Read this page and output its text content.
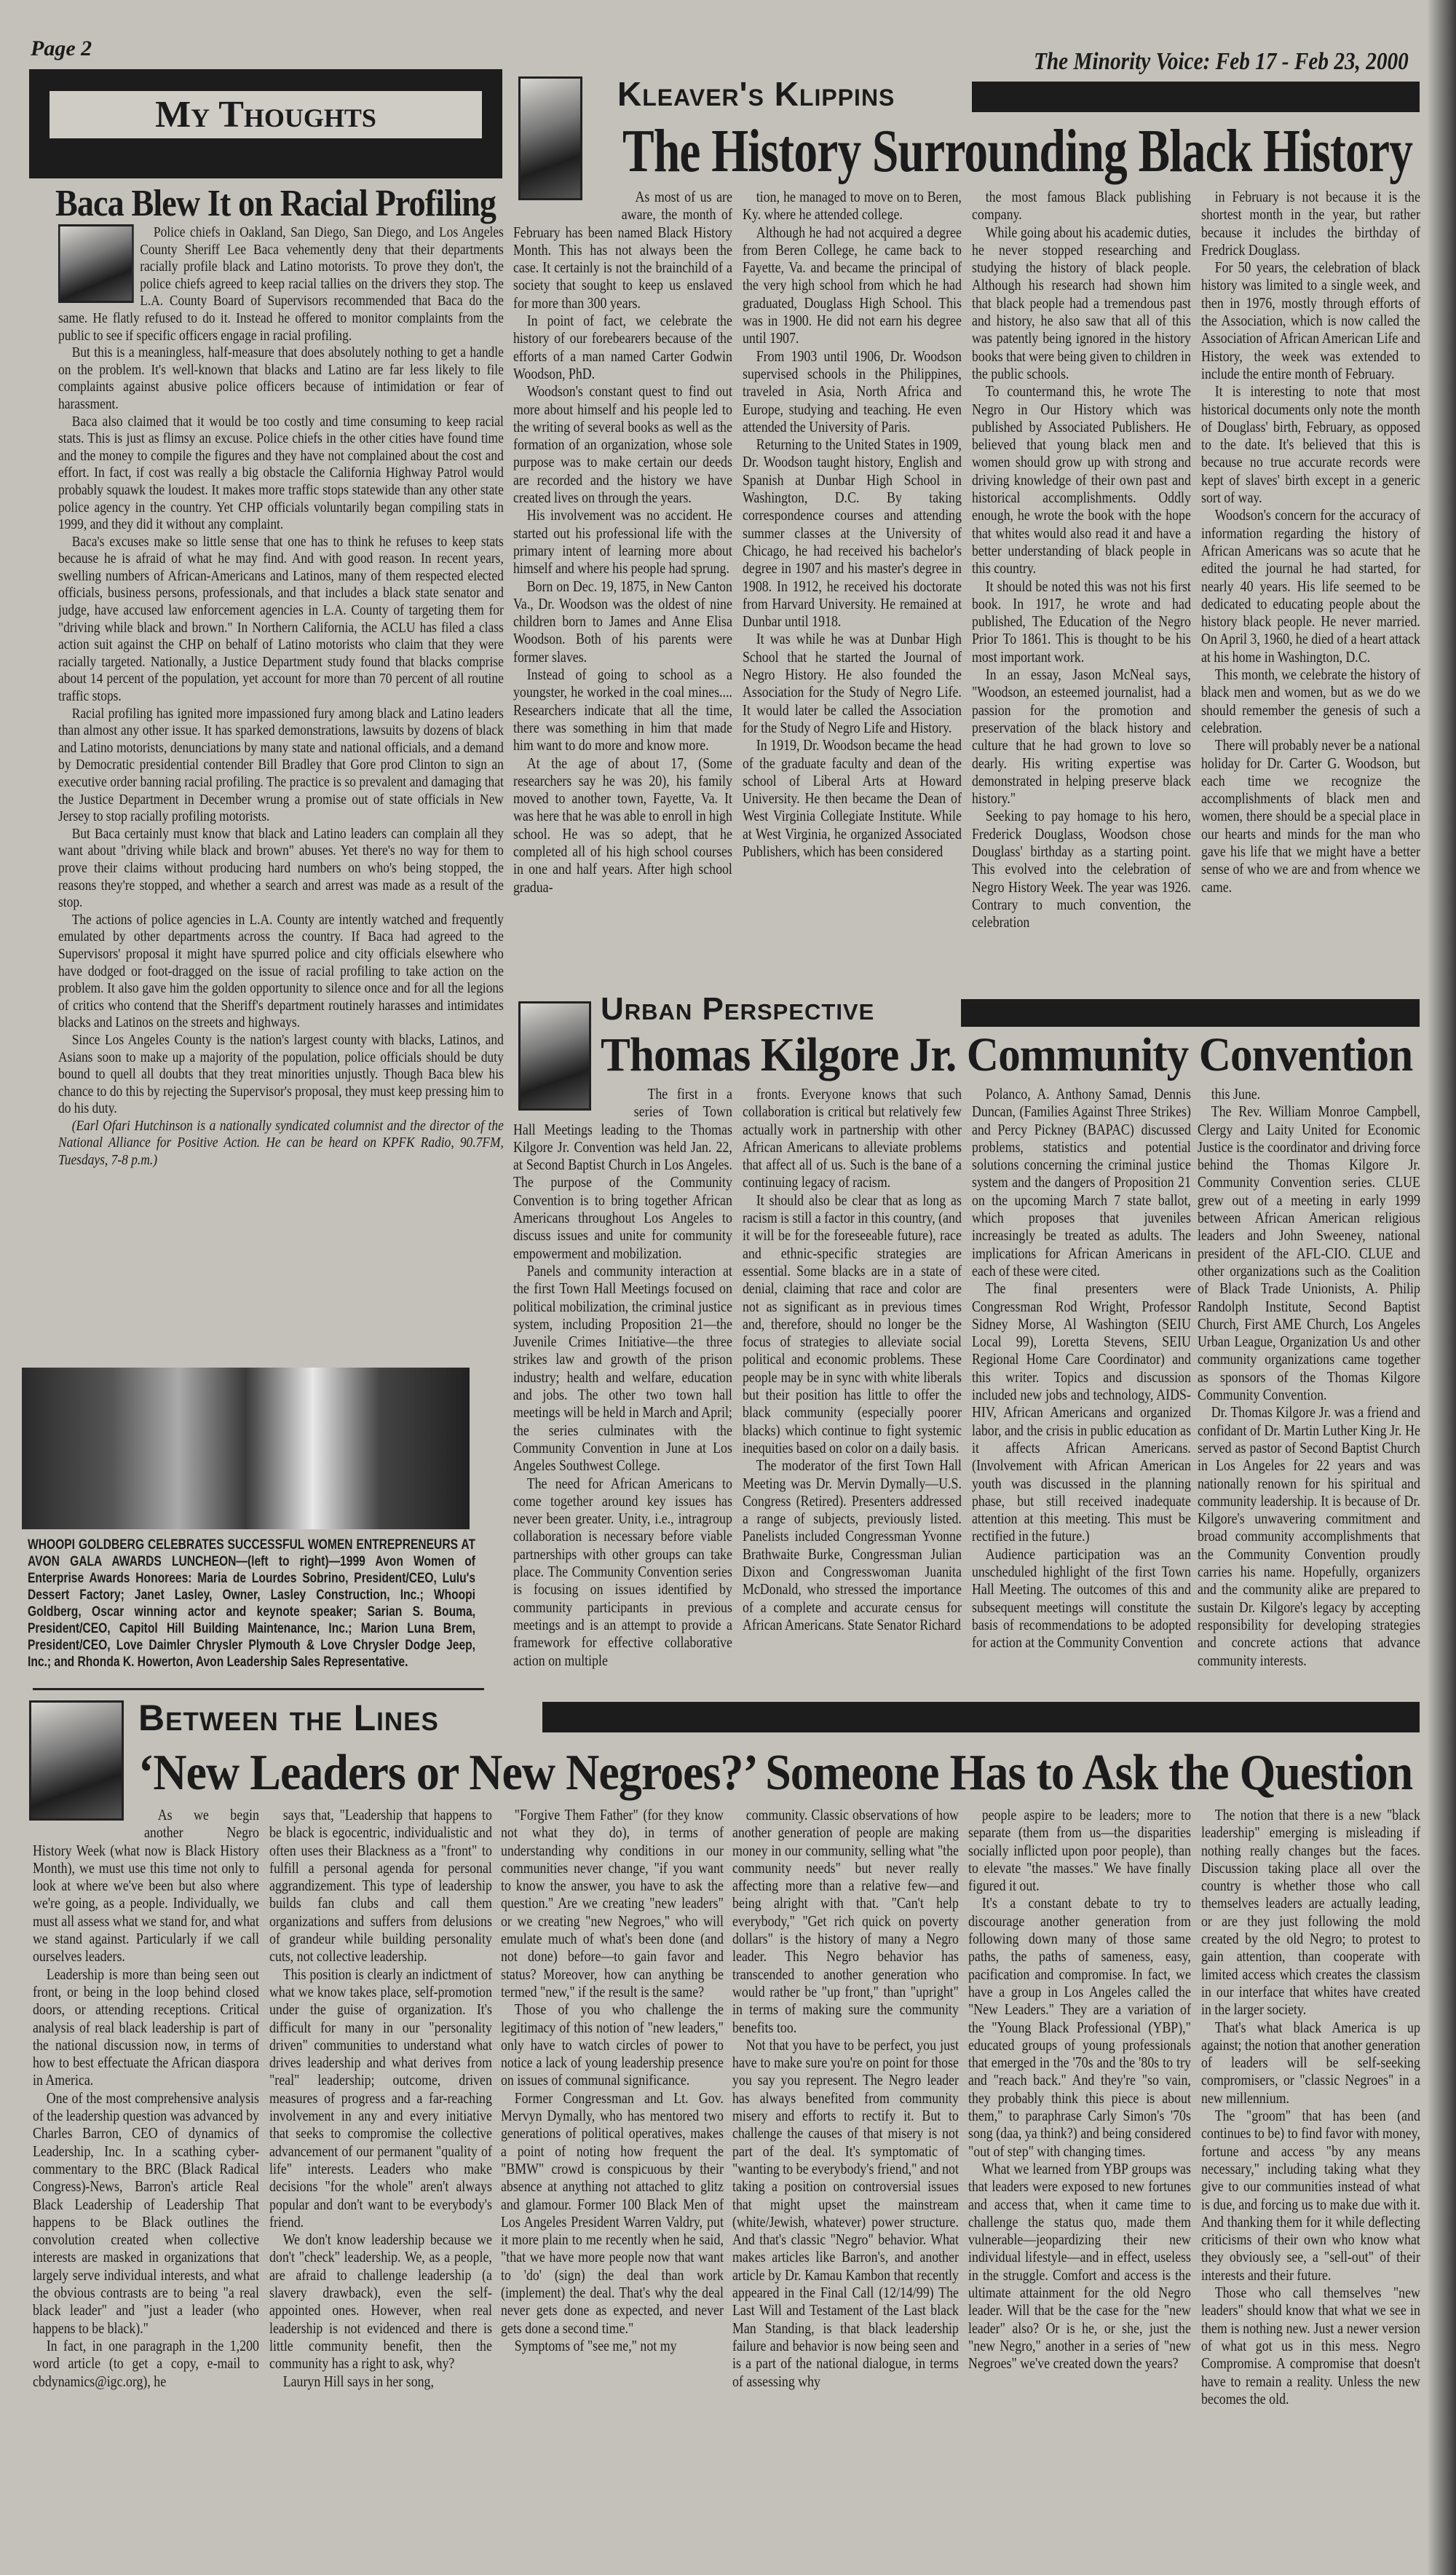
Page 2	The Minority Voice: Feb 17 - Feb 23, 2000
My Thoughts
Baca Blew It on Racial Profiling

Police chiefs in Oakland, San Diego, San Diego, and Los Angeles County Sheriff Lee Baca vehemently deny that their departments racially profile black and Latino motorists. To prove they don't, the police chiefs agreed to keep racial tallies on the drivers they stop. The L.A. County Board of Supervisors recommended that Baca do the same. He flatly refused to do it. Instead he offered to monitor complaints from the public to see if specific officers engage in racial profiling.

But this is a meaningless, half-measure that does absolutely nothing to get a handle on the problem. It's well-known that blacks and Latino are far less likely to file complaints against abusive police officers because of intimidation or fear of harassment.

Baca also claimed that it would be too costly and time consuming to keep racial stats. This is just as flimsy an excuse. Police chiefs in the other cities have found time and the money to compile the figures and they have not complained about the cost and effort. In fact, if cost was really a big obstacle the California Highway Patrol would probably squawk the loudest. It makes more traffic stops statewide than any other state police agency in the country. Yet CHP officials voluntarily began compiling stats in 1999, and they did it without any complaint.

Baca's excuses make so little sense that one has to think he refuses to keep stats because he is afraid of what he may find. And with good reason. In recent years, swelling numbers of African-Americans and Latinos, many of them respected elected officials, business persons, professionals, and that includes a black state senator and judge, have accused law enforcement agencies in L.A. County of targeting them for "driving while black and brown." In Northern California, the ACLU has filed a class action suit against the CHP on behalf of Latino motorists who claim that they were racially targeted. Nationally, a Justice Department study found that blacks comprise about 14 percent of the population, yet account for more than 70 percent of all routine traffic stops.

Racial profiling has ignited more impassioned fury among black and Latino leaders than almost any other issue. It has sparked demonstrations, lawsuits by dozens of black and Latino motorists, denunciations by many state and national officials, and a demand by Democratic presidential contender Bill Bradley that Gore prod Clinton to sign an executive order banning racial profiling. The practice is so prevalent and damaging that the Justice Department in December wrung a promise out of state officials in New Jersey to stop racially profiling motorists.

But Baca certainly must know that black and Latino leaders can complain all they want about "driving while black and brown" abuses. Yet there's no way for them to prove their claims without producing hard numbers on who's being stopped, the reasons they're stopped, and whether a search and arrest was made as a result of the stop.

The actions of police agencies in L.A. County are intently watched and frequently emulated by other departments across the country. If Baca had agreed to the Supervisors' proposal it might have spurred police and city officials elsewhere who have dodged or foot-dragged on the issue of racial profiling to take action on the problem. It also gave him the golden opportunity to silence once and for all the legions of critics who contend that the Sheriff's department routinely harasses and intimidates blacks and Latinos on the streets and highways.

Since Los Angeles County is the nation's largest county with blacks, Latinos, and Asians soon to make up a majority of the population, police officials should be duty bound to quell all doubts that they treat minorities unjustly. Though Baca blew his chance to do this by rejecting the Supervisor's proposal, they must keep pressing him to do his duty.

(Earl Ofari Hutchinson is a nationally syndicated columnist and the director of the National Alliance for Positive Action. He can be heard on KPFK Radio, 90.7FM, Tuesdays, 7-8 p.m.)

WHOOPI GOLDBERG CELEBRATES SUCCESSFUL WOMEN ENTREPRENEURS AT AVON GALA AWARDS LUNCHEON—(left to right)—1999 Avon Women of Enterprise Awards Honorees: Maria de Lourdes Sobrino, President/CEO, Lulu's Dessert Factory; Janet Lasley, Owner, Lasley Construction, Inc.; Whoopi Goldberg, Oscar winning actor and keynote speaker; Sarian S. Bouma, President/CEO, Capitol Hill Building Maintenance, Inc.; Marion Luna Brem, President/CEO, Love Daimler Chrysler Plymouth & Love Chrysler Dodge Jeep, Inc.; and Rhonda K. Howerton, Avon Leadership Sales Representative.
Kleaver's Klippins
The History Surrounding Black History

As most of us are aware, the month of February has been named Black History Month. This has not always been the case. It certainly is not the brainchild of a society that sought to keep us enslaved for more than 300 years.

In point of fact, we celebrate the history of our forebearers because of the efforts of a man named Carter Godwin Woodson, PhD.

Woodson's constant quest to find out more about himself and his people led to the writing of several books as well as the formation of an organization, whose sole purpose was to make certain our deeds are recorded and the history we have created lives on through the years.

His involvement was no accident. He started out his professional life with the primary intent of learning more about himself and where his people had sprung.

Born on Dec. 19, 1875, in New Canton Va., Dr. Woodson was the oldest of nine children born to James and Anne Elisa Woodson. Both of his parents were former slaves.

Instead of going to school as a youngster, he worked in the coal mines.... Researchers indicate that all the time, there was something in him that made him want to do more and know more.

At the age of about 17, (Some researchers say he was 20), his family moved to another town, Fayette, Va. It was here that he was able to enroll in high school. He was so adept, that he completed all of his high school courses in one and half years. After high school gradua-

tion, he managed to move on to Beren, Ky. where he attended college.

Although he had not acquired a degree from Beren College, he came back to Fayette, Va. and became the principal of the very high school from which he had graduated, Douglass High School. This was in 1900. He did not earn his degree until 1907.

From 1903 until 1906, Dr. Woodson supervised schools in the Philippines, traveled in Asia, North Africa and Europe, studying and teaching. He even attended the University of Paris.

Returning to the United States in 1909, Dr. Woodson taught history, English and Spanish at Dunbar High School in Washington, D.C. By taking correspondence courses and attending summer classes at the University of Chicago, he had received his bachelor's degree in 1907 and his master's degree in 1908. In 1912, he received his doctorate from Harvard University. He remained at Dunbar until 1918.

It was while he was at Dunbar High School that he started the Journal of Negro History. He also founded the Association for the Study of Negro Life. It would later be called the Association for the Study of Negro Life and History.

In 1919, Dr. Woodson became the head of the graduate faculty and dean of the school of Liberal Arts at Howard University. He then became the Dean of West Virginia Collegiate Institute. While at West Virginia, he organized Associated Publishers, which has been considered

the most famous Black publishing company.

While going about his academic duties, he never stopped researching and studying the history of black people. Although his research had shown him that black people had a tremendous past and history, he also saw that all of this was patently being ignored in the history books that were being given to children in the public schools.

To countermand this, he wrote The Negro in Our History which was published by Associated Publishers. He believed that young black men and women should grow up with strong and driving knowledge of their own past and historical accomplishments. Oddly enough, he wrote the book with the hope that whites would also read it and have a better understanding of black people in this country.

It should be noted this was not his first book. In 1917, he wrote and had published, The Education of the Negro Prior To 1861. This is thought to be his most important work.

In an essay, Jason McNeal says, "Woodson, an esteemed journalist, had a passion for the promotion and preservation of the black history and culture that he had grown to love so dearly. His writing expertise was demonstrated in helping preserve black history."

Seeking to pay homage to his hero, Frederick Douglass, Woodson chose Douglass' birthday as a starting point. This evolved into the celebration of Negro History Week. The year was 1926. Contrary to much convention, the celebration

in February is not because it is the shortest month in the year, but rather because it includes the birthday of Fredrick Douglass.

For 50 years, the celebration of black history was limited to a single week, and then in 1976, mostly through efforts of the Association, which is now called the Association of African American Life and History, the week was extended to include the entire month of February.

It is interesting to note that most historical documents only note the month of Douglass' birth, February, as opposed to the date. It's believed that this is because no true accurate records were kept of slaves' birth except in a generic sort of way.

Woodson's concern for the accuracy of information regarding the history of African Americans was so acute that he edited the journal he had started, for nearly 40 years. His life seemed to be dedicated to educating people about the history black people. He never married. On April 3, 1960, he died of a heart attack at his home in Washington, D.C.

This month, we celebrate the history of black men and women, but as we do we should remember the genesis of such a celebration.

There will probably never be a national holiday for Dr. Carter G. Woodson, but each time we recognize the accomplishments of black men and women, there should be a special place in our hearts and minds for the man who gave his life that we might have a better sense of who we are and from whence we came.

Urban Perspective
Thomas Kilgore Jr. Community Convention

The first in a series of Town Hall Meetings leading to the Thomas Kilgore Jr. Convention was held Jan. 22, at Second Baptist Church in Los Angeles. The purpose of the Community Convention is to bring together African Americans throughout Los Angeles to discuss issues and unite for community empowerment and mobilization.

Panels and community interaction at the first Town Hall Meetings focused on political mobilization, the criminal justice system, including Proposition 21—the Juvenile Crimes Initiative—the three strikes law and growth of the prison industry; health and welfare, education and jobs. The other two town hall meetings will be held in March and April; the series culminates with the Community Convention in June at Los Angeles Southwest College.

The need for African Americans to come together around key issues has never been greater. Unity, i.e., intragroup collaboration is necessary before viable partnerships with other groups can take place. The Community Convention series is focusing on issues identified by community participants in previous meetings and is an attempt to provide a framework for effective collaborative action on multiple

fronts. Everyone knows that such collaboration is critical but relatively few actually work in partnership with other African Americans to alleviate problems that affect all of us. Such is the bane of a continuing legacy of racism.

It should also be clear that as long as racism is still a factor in this country, (and it will be for the foreseeable future), race and ethnic-specific strategies are essential. Some blacks are in a state of denial, claiming that race and color are not as significant as in previous times and, therefore, should no longer be the focus of strategies to alleviate social political and economic problems. These people may be in sync with white liberals but their position has little to offer the black community (especially poorer blacks) which continue to fight systemic inequities based on color on a daily basis.

The moderator of the first Town Hall Meeting was Dr. Mervin Dymally—U.S. Congress (Retired). Presenters addressed a range of subjects, previously listed. Panelists included Congressman Yvonne Brathwaite Burke, Congressman Julian Dixon and Congresswoman Juanita McDonald, who stressed the importance of a complete and accurate census for African Americans. State Senator Richard

Polanco, A. Anthony Samad, Dennis Duncan, (Families Against Three Strikes) and Percy Pickney (BAPAC) discussed problems, statistics and potential solutions concerning the criminal justice system and the dangers of Proposition 21 on the upcoming March 7 state ballot, which proposes that juveniles increasingly be treated as adults. The implications for African Americans in each of these were cited.

The final presenters were Congressman Rod Wright, Professor Sidney Morse, Al Washington (SEIU Local 99), Loretta Stevens, SEIU Regional Home Care Coordinator) and this writer. Topics and discussion included new jobs and technology, AIDS-HIV, African Americans and organized labor, and the crisis in public education as it affects African Americans. (Involvement with African American youth was discussed in the planning phase, but still received inadequate attention at this meeting. This must be rectified in the future.)

Audience participation was an unscheduled highlight of the first Town Hall Meeting. The outcomes of this and subsequent meetings will constitute the basis of recommendations to be adopted for action at the Community Convention

this June.

The Rev. William Monroe Campbell, Clergy and Laity United for Economic Justice is the coordinator and driving force behind the Thomas Kilgore Jr. Community Convention series. CLUE grew out of a meeting in early 1999 between African American religious leaders and John Sweeney, national president of the AFL-CIO. CLUE and other organizations such as the Coalition of Black Trade Unionists, A. Philip Randolph Institute, Second Baptist Church, First AME Church, Los Angeles Urban League, Organization Us and other community organizations came together as sponsors of the Thomas Kilgore Community Convention.

Dr. Thomas Kilgore Jr. was a friend and confidant of Dr. Martin Luther King Jr. He served as pastor of Second Baptist Church in Los Angeles for 22 years and was nationally renown for his spiritual and community leadership. It is because of Dr. Kilgore's unwavering commitment and broad community accomplishments that the Community Convention proudly carries his name. Hopefully, organizers and the community alike are prepared to sustain Dr. Kilgore's legacy by accepting responsibility for developing strategies and concrete actions that advance community interests.

Between the Lines
‘New Leaders or New Negroes?’ Someone Has to Ask the Question

As we begin another Negro History Week (what now is Black History Month), we must use this time not only to look at where we've been but also where we're going, as a people. Individually, we must all assess what we stand for, and what we stand against. Particularly if we call ourselves leaders.

Leadership is more than being seen out front, or being in the loop behind closed doors, or attending receptions. Critical analysis of real black leadership is part of the national discussion now, in terms of how to best effectuate the African diaspora in America.

One of the most comprehensive analysis of the leadership question was advanced by Charles Barron, CEO of dynamics of Leadership, Inc. In a scathing cyber-commentary to the BRC (Black Radical Congress)-News, Barron's article Real Black Leadership of Leadership That happens to be Black outlines the convolution created when collective interests are masked in organizations that largely serve individual interests, and what the obvious contrasts are to being "a real black leader" and "just a leader (who happens to be black)."

In fact, in one paragraph in the 1,200 word article (to get a copy, e-mail to cbdynamics@igc.org), he

says that, "Leadership that happens to be black is egocentric, individualistic and often uses their Blackness as a "front" to fulfill a personal agenda for personal aggrandizement. This type of leadership builds fan clubs and call them organizations and suffers from delusions of grandeur while building personality cuts, not collective leadership.

This position is clearly an indictment of what we know takes place, self-promotion under the guise of organization. It's difficult for many in our "personality driven" communities to understand what drives leadership and what derives from "real" leadership; outcome, driven measures of progress and a far-reaching involvement in any and every initiative that seeks to compromise the collective advancement of our permanent "quality of life" interests. Leaders who make decisions "for the whole" aren't always popular and don't want to be everybody's friend.

We don't know leadership because we don't "check" leadership. We, as a people, are afraid to challenge leadership (a slavery drawback), even the self-appointed ones. However, when real leadership is not evidenced and there is little community benefit, then the community has a right to ask, why?

Lauryn Hill says in her song,

"Forgive Them Father" (for they know not what they do), in terms of understanding why conditions in our communities never change, "if you want to know the answer, you have to ask the question." Are we creating "new leaders" or we creating "new Negroes," who will emulate much of what's been done (and not done) before—to gain favor and status? Moreover, how can anything be termed "new," if the result is the same?

Those of you who challenge the legitimacy of this notion of "new leaders," only have to watch circles of power to notice a lack of young leadership presence on issues of communal significance.

Former Congressman and Lt. Gov. Mervyn Dymally, who has mentored two generations of political operatives, makes a point of noting how frequent the "BMW" crowd is conspicuous by their absence at anything not attached to glitz and glamour. Former 100 Black Men of Los Angeles President Warren Valdry, put it more plain to me recently when he said, "that we have more people now that want to 'do' (sign) the deal than work (implement) the deal. That's why the deal never gets done as expected, and never gets done a second time."

Symptoms of "see me," not my

community. Classic observations of how another generation of people are making money in our community, selling what "the community needs" but never really affecting more than a relative few—and being alright with that. "Can't help everybody," "Get rich quick on poverty dollars" is the history of many a Negro leader. This Negro behavior has transcended to another generation who would rather be "up front," than "upright" in terms of making sure the community benefits too.

Not that you have to be perfect, you just have to make sure you're on point for those you say you represent. The Negro leader has always benefited from community misery and efforts to rectify it. But to challenge the causes of that misery is not part of the deal. It's symptomatic of "wanting to be everybody's friend," and not taking a position on controversial issues that might upset the mainstream (white/Jewish, whatever) power structure. And that's classic "Negro" behavior. What makes articles like Barron's, and another article by Dr. Kamau Kambon that recently appeared in the Final Call (12/14/99) The Last Will and Testament of the Last black Man Standing, is that black leadership failure and behavior is now being seen and is a part of the national dialogue, in terms of assessing why

people aspire to be leaders; more to separate (them from us—the disparities socially inflicted upon poor people), than to elevate "the masses." We have finally figured it out.

It's a constant debate to try to discourage another generation from following down many of those same paths, the paths of sameness, easy, pacification and compromise. In fact, we have a group in Los Angeles called the "New Leaders." They are a variation of the "Young Black Professional (YBP)," educated groups of young professionals that emerged in the '70s and the '80s to try and "reach back." And they're "so vain, they probably think this piece is about them," to paraphrase Carly Simon's '70s song (daa, ya think?) and being considered "out of step" with changing times.

What we learned from YBP groups was that leaders were exposed to new fortunes and access that, when it came time to challenge the status quo, made them vulnerable—jeopardizing their new individual lifestyle—and in effect, useless in the struggle. Comfort and access is the ultimate attainment for the old Negro leader. Will that be the case for the "new leader" also? Or is he, or she, just the "new Negro," another in a series of "new Negroes" we've created down the years?

The notion that there is a new "black leadership" emerging is misleading if nothing really changes but the faces. Discussion taking place all over the country is whether those who call themselves leaders are actually leading, or are they just following the mold created by the old Negro; to protest to gain attention, than cooperate with limited access which creates the classism in our interface that whites have created in the larger society.

That's what black America is up against; the notion that another generation of leaders will be self-seeking compromisers, or "classic Negroes" in a new millennium.

The "groom" that has been (and continues to be) to find favor with money, fortune and access "by any means necessary," including taking what they give to our communities instead of what is due, and forcing us to make due with it. And thanking them for it while deflecting criticisms of their own who know what they obviously see, a "sell-out" of their interests and their future.

Those who call themselves "new leaders" should know that what we see in them is nothing new. Just a newer version of what got us in this mess. Negro Compromise. A compromise that doesn't have to remain a reality. Unless the new becomes the old.
